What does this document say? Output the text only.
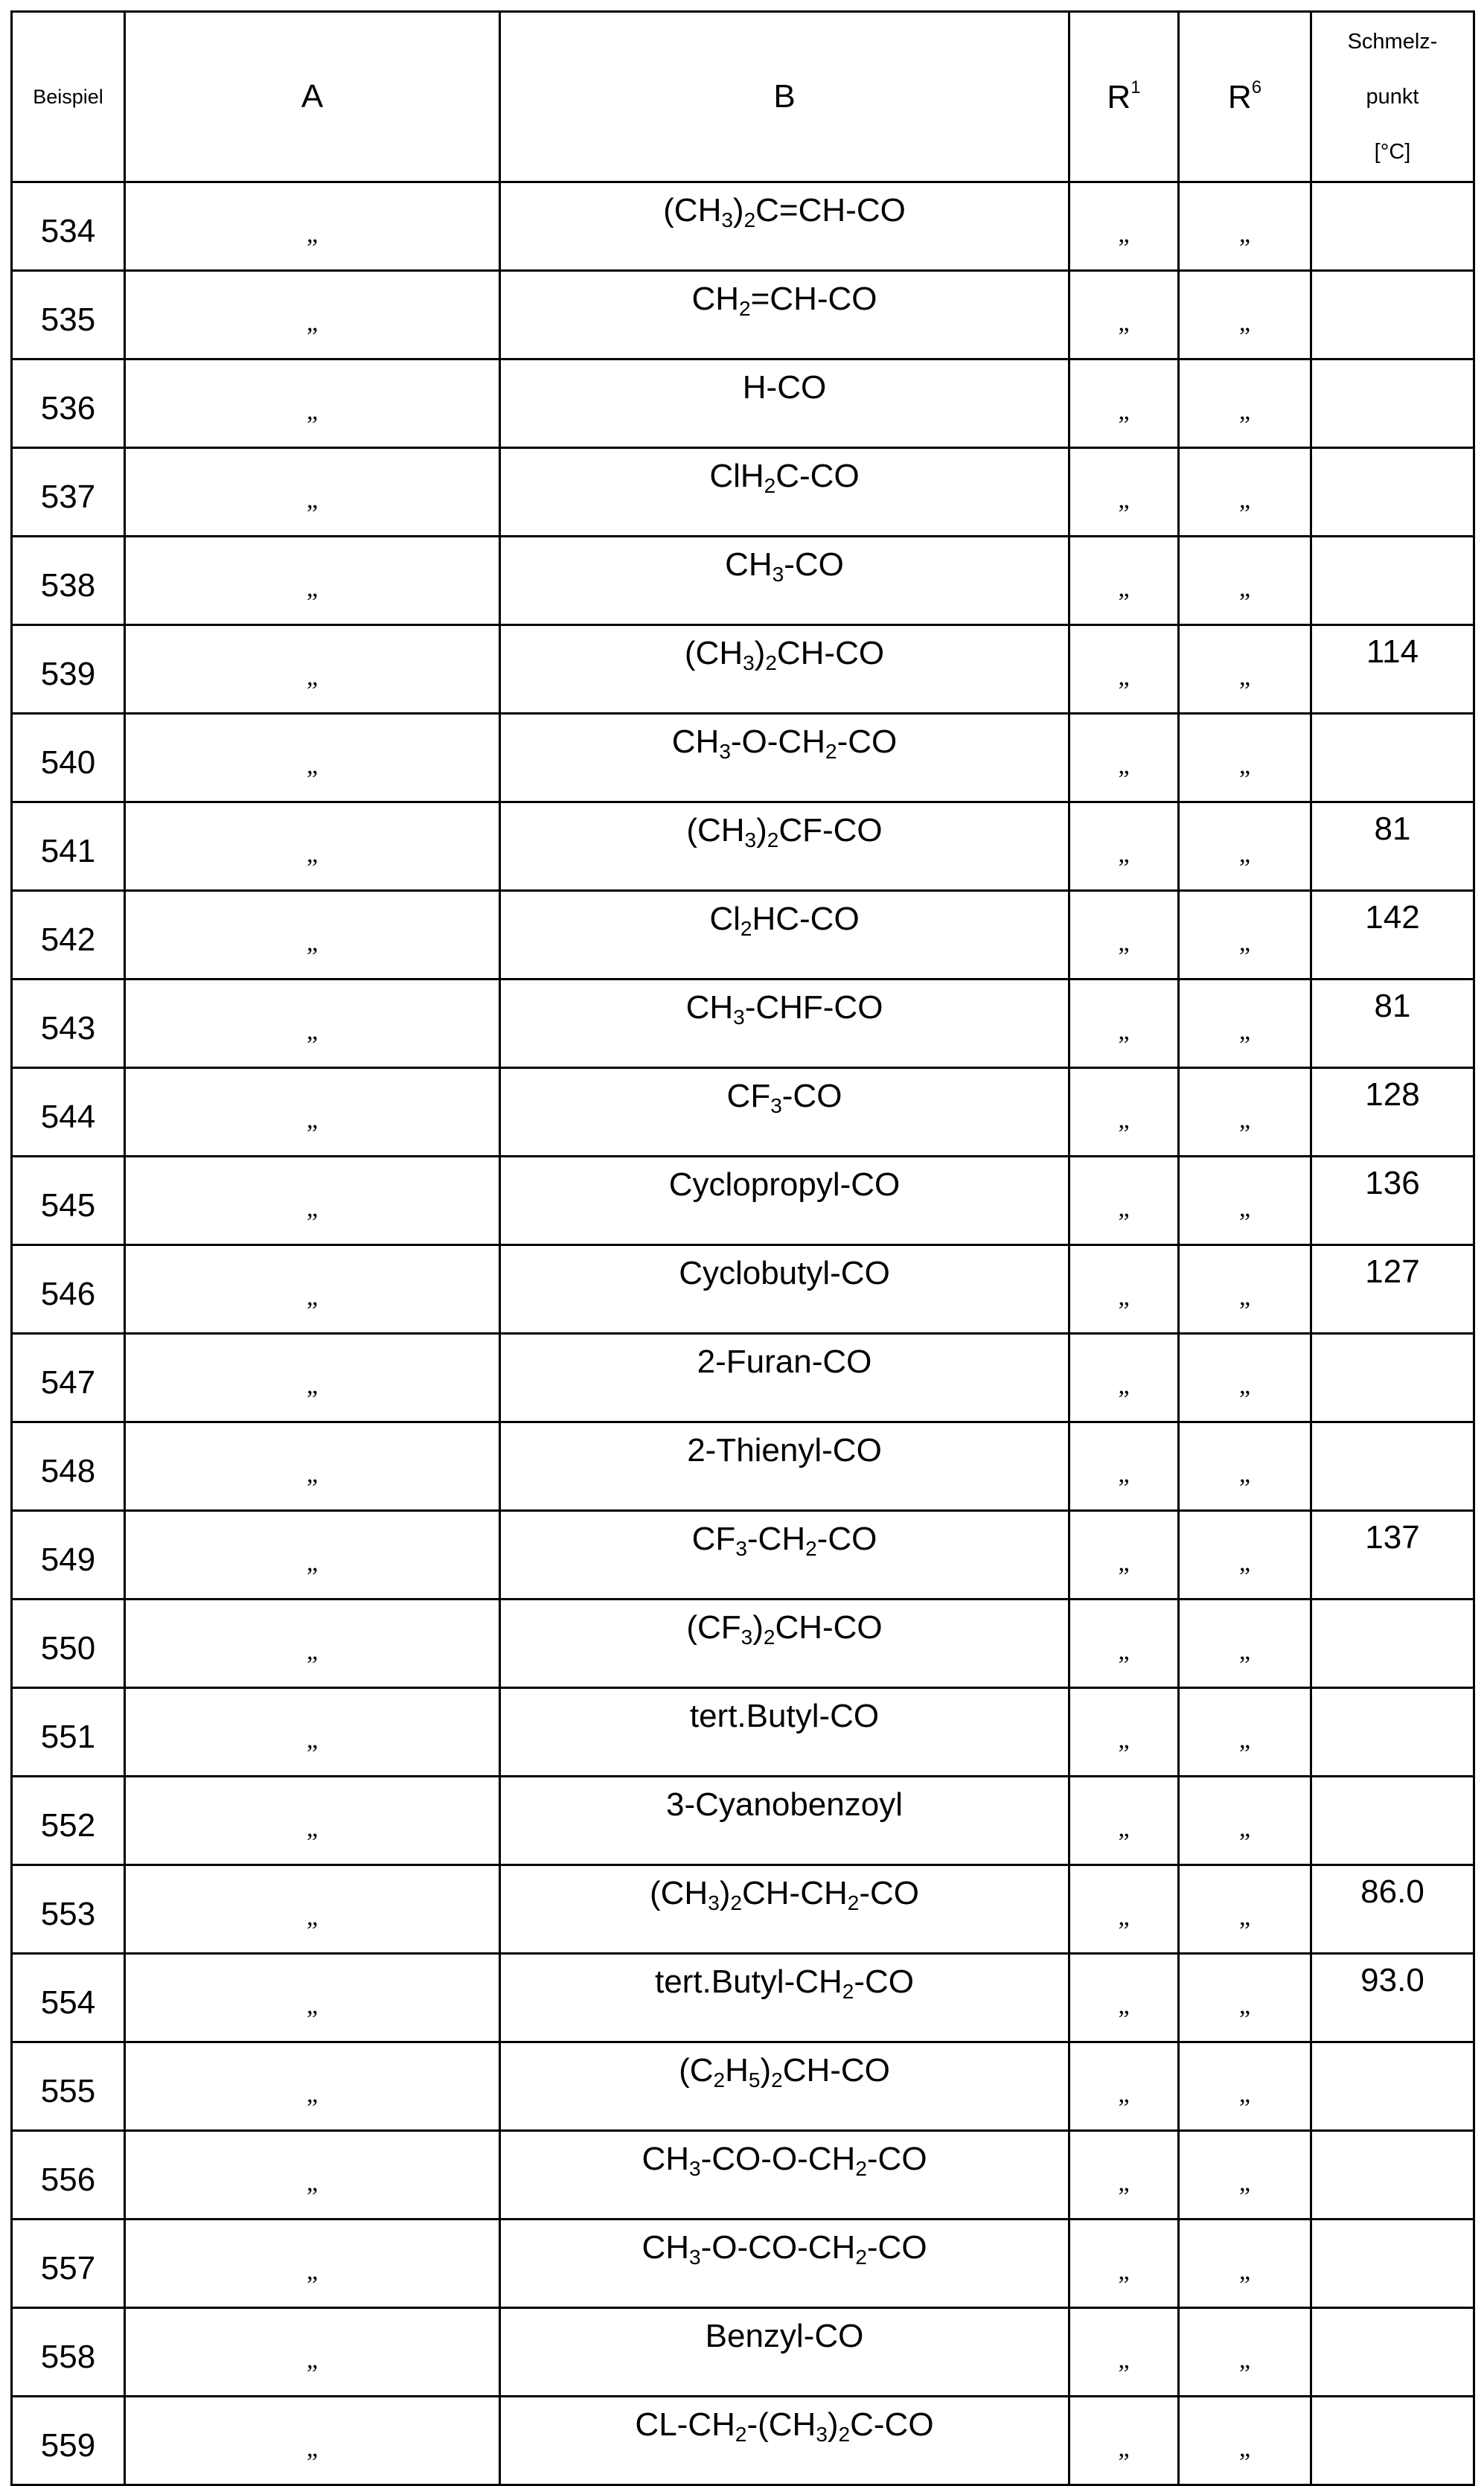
Beispiel	A	B	$R^1$	$R^6$	Schmelz-
punkt
[°C]

534	„	$(CH_3)_2C=CH-CO$	„	„	

535	„	$CH_2=CH-CO$	„	„	

536	„	H-CO	„	„	

537	„	ClH$_2$C-CO	„	„	

538	„	$CH_3-CO$	„	„	

539	„	$(CH_3)_2CH-CO$	„	„	114

540	„	$CH_3-O-CH_2-CO$	„	„	

541	„	$(CH_3)_2CF-CO$	„	„	81

542	„	$Cl_2HC-CO$	„	„	142

543	„	$CH_3-CHF-CO$	„	„	81

544	„	$CF_3-CO$	„	„	128

545	„	Cyclopropyl-CO	„	„	136

546	„	Cyclobutyl-CO	„	„	127

547	„	2-Furan-CO	„	„	

548	„	2-Thienyl-CO	„	„	

549	„	$CF_3-CH_2-CO$	„	„	137

550	„	$(CF_3)_2CH-CO$	„	„	

551	„	tert.Butyl-CO	„	„	

552	„	3-Cyanobenzoyl	„	„	

553	„	$(CH_3)_2CH-CH_2-CO$	„	„	86.0

554	„	$tert.Butyl-CH_2-CO$	„	„	93.0

555	„	$(C_2H_5)_2CH-CO$	„	„	

556	„	$CH_3-CO-O-CH_2-CO$	„	„	

557	„	$CH_3-O-CO-CH_2-CO$	„	„	

558	„	Benzyl-CO	„	„	

559	„	$CL-CH_2-(CH_3)_2C-CO$	„	„	
